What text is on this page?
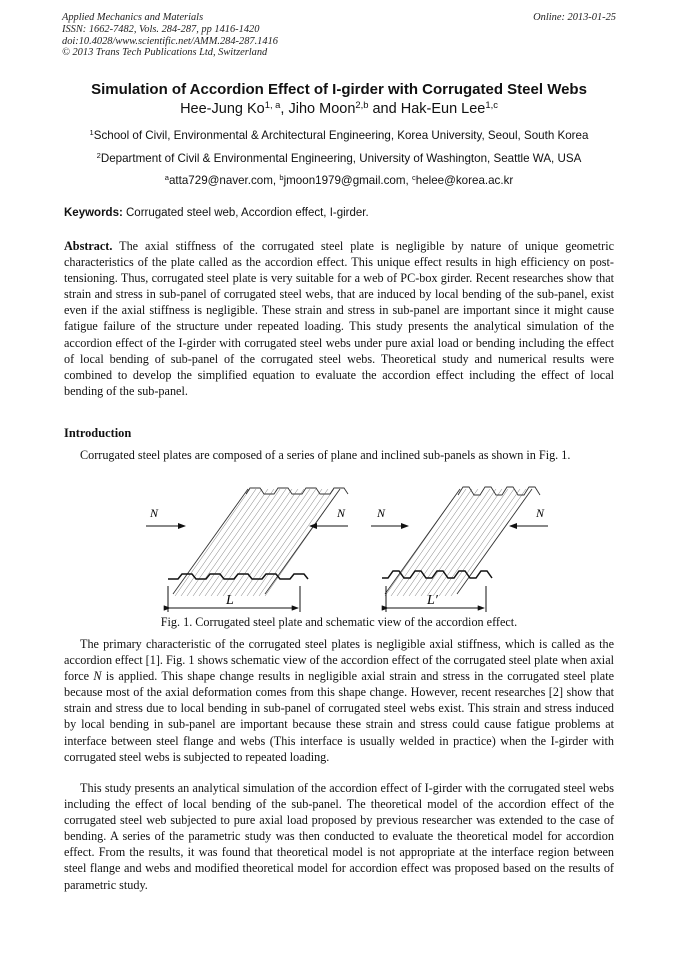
Applied Mechanics and Materials
ISSN: 1662-7482, Vols. 284-287, pp 1416-1420
doi:10.4028/www.scientific.net/AMM.284-287.1416
© 2013 Trans Tech Publications Ltd, Switzerland
Online: 2013-01-25
Simulation of Accordion Effect of I-girder with Corrugated Steel Webs
Hee-Jung Ko$^{1, a}$, Jiho Moon$^{2,b}$ and Hak-Eun Lee$^{1,c}$
$^1$School of Civil, Environmental & Architectural Engineering, Korea University, Seoul, South Korea
$^2$Department of Civil & Environmental Engineering, University of Washington, Seattle WA, USA
$^a$atta729@naver.com, $^b$jmoon1979@gmail.com, $^c$helee@korea.ac.kr
Keywords: Corrugated steel web, Accordion effect, I-girder.

Abstract. The axial stiffness of the corrugated steel plate is negligible by nature of unique geometric characteristics of the plate called as the accordion effect. This unique effect results in high efficiency on post-tensioning. Thus, corrugated steel plate is very suitable for a web of PC-box girder. Recent researches show that strain and stress in sub-panel of corrugated steel webs, that are induced by local bending of the sub-panel, exist even if the axial stiffness is negligible. These strain and stress in sub-panel are important since it might cause fatigue failure of the structure under repeated loading. This study presents the analytical simulation of the accordion effect of the I-girder with corrugated steel webs under pure axial load or bending including the effect of local bending of sub-panel of the corrugated steel webs. Theoretical study and numerical results were combined to develop the simplified equation to evaluate the accordion effect including the effect of local bending of the sub-panel.

Introduction

Corrugated steel plates are composed of a series of plane and inclined sub-panels as shown in Fig. 1.

N	N
L
N	N
L′
Fig. 1. Corrugated steel plate and schematic view of the accordion effect.

The primary characteristic of the corrugated steel plates is negligible axial stiffness, which is called as the accordion effect [1]. Fig. 1 shows schematic view of the accordion effect of the corrugated steel plate when axial force N is applied. This shape change results in negligible axial strain and stress in the corrugated steel plate because most of the axial deformation comes from this shape change. However, recent researches [2] show that strain and stress due to local bending in sub-panel of corrugated steel webs exist. This strain and stress induced by local bending in sub-panel are important because these strain and stress could cause fatigue problems at interface between steel flange and webs (This interface is usually welded in practice) when the I-girder with corrugated steel webs is subjected to repeated loading.

This study presents an analytical simulation of the accordion effect of I-girder with the corrugated steel webs including the effect of local bending of the sub-panel. The theoretical model of the accordion effect of the corrugated steel web subjected to pure axial load proposed by previous researcher was extended to the case of bending. A series of the parametric study was then conducted to evaluate the theoretical model for accordion effect. From the results, it was found that theoretical model is not appropriate at the interface region between steel flange and webs and modified theoretical model for accordion effect was proposed based on the results of parametric study.
